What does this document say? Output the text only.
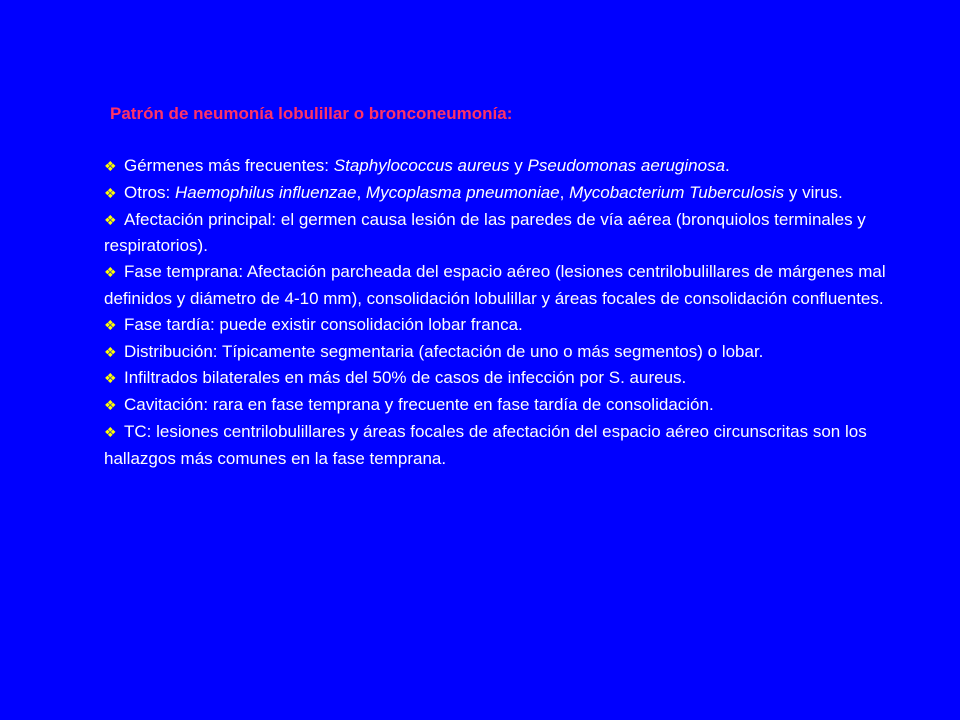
Patrón de neumonía lobulillar o bronconeumonía:
❖ Gérmenes más frecuentes: Staphylococcus aureus y Pseudomonas aeruginosa.
❖ Otros: Haemophilus influenzae, Mycoplasma pneumoniae, Mycobacterium Tuberculosis y virus.
❖ Afectación principal: el germen causa lesión de las paredes de vía aérea (bronquiolos terminales y respiratorios).
❖ Fase temprana: Afectación parcheada del espacio aéreo (lesiones centrilobulillares de márgenes mal definidos y diámetro de 4-10 mm), consolidación lobulillar y áreas focales de consolidación confluentes.
❖ Fase tardía: puede existir consolidación lobar franca.
❖ Distribución: Típicamente segmentaria (afectación de uno o más segmentos) o lobar.
❖ Infiltrados bilaterales en más del 50% de casos de infección por S. aureus.
❖ Cavitación: rara en fase temprana y frecuente en fase tardía de consolidación.
❖ TC: lesiones centrilobulillares y áreas focales de afectación del espacio aéreo circunscritas son los hallazgos más comunes en la fase temprana.
